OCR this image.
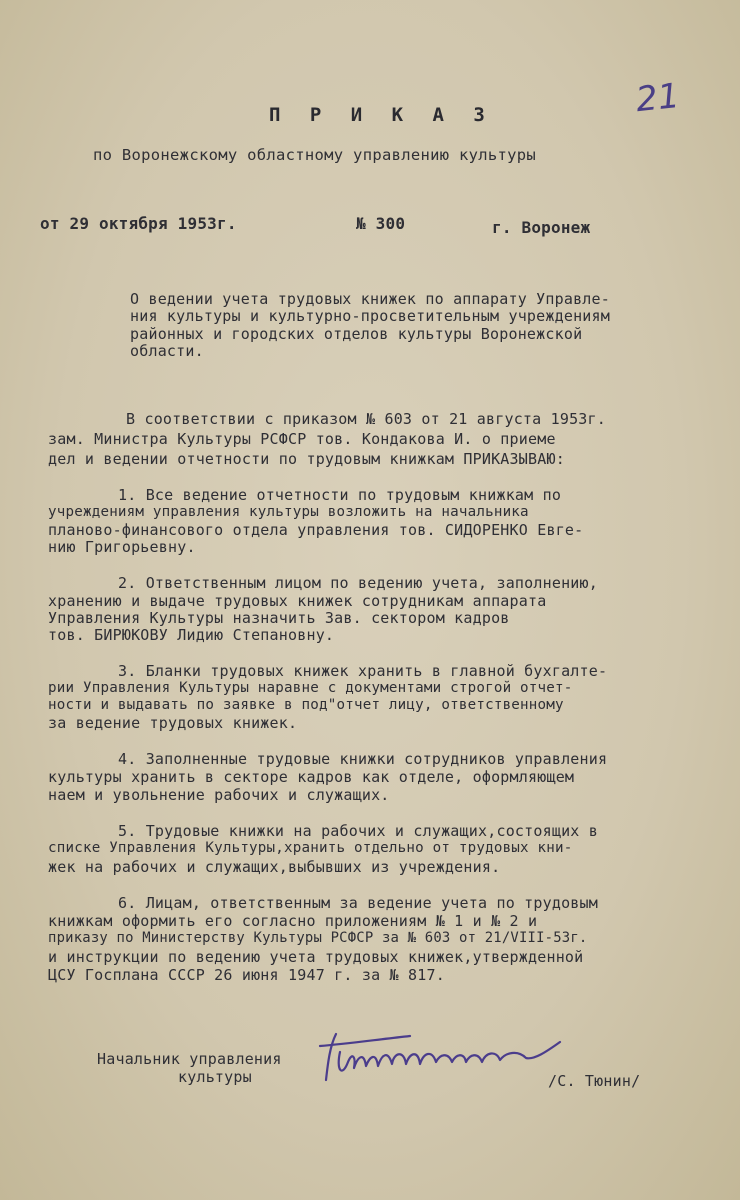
21
П Р И К А З
по Воронежскому областному управлению культуры
от 29 октября 1953г.	№ 300	г. Воронеж
О ведении учета трудовых книжек по аппарату Управле-
ния культуры и культурно-просветительным учреждениям
районных и городских отделов культуры Воронежской
области.
В соответствии с приказом № 603 от 21 августа 1953г.
зам. Министра Культуры РСФСР тов. Кондакова И. о приеме
дел и ведении отчетности по трудовым книжкам ПРИКАЗЫВАЮ:
1. Все ведение отчетности по трудовым книжкам по
учреждениям управления культуры возложить на начальника
планово-финансового отдела управления тов. СИДОРЕНКО Евге-
нию Григорьевну.
2. Ответственным лицом по ведению учета, заполнению,
хранению и выдаче трудовых книжек сотрудникам аппарата
Управления Культуры назначить Зав. сектором кадров
тов. БИРЮКОВУ Лидию Степановну.
3. Бланки трудовых книжек хранить в главной бухгалте-
рии Управления Культуры наравне с документами строгой отчет-
ности и выдавать по заявке в под"отчет лицу, ответственному
за ведение трудовых книжек.
4. Заполненные трудовые книжки сотрудников управления
культуры хранить в секторе кадров как отделе, оформляющем
наем и увольнение рабочих и служащих.
5. Трудовые книжки на рабочих и служащих,состоящих в
списке Управления Культуры,хранить отдельно от трудовых кни-
жек на рабочих и служащих,выбывших из учреждения.
6. Лицам, ответственным за ведение учета по трудовым
книжкам оформить его согласно приложениям № 1 и № 2 и
приказу по Министерству Культуры РСФСР за № 603 от 21/VIII-53г.
и инструкции по ведению учета трудовых книжек,утвержденной
ЦСУ Госплана СССР 26 июня 1947 г. за № 817.
Начальник управления
культуры	/С. Тюнин/
